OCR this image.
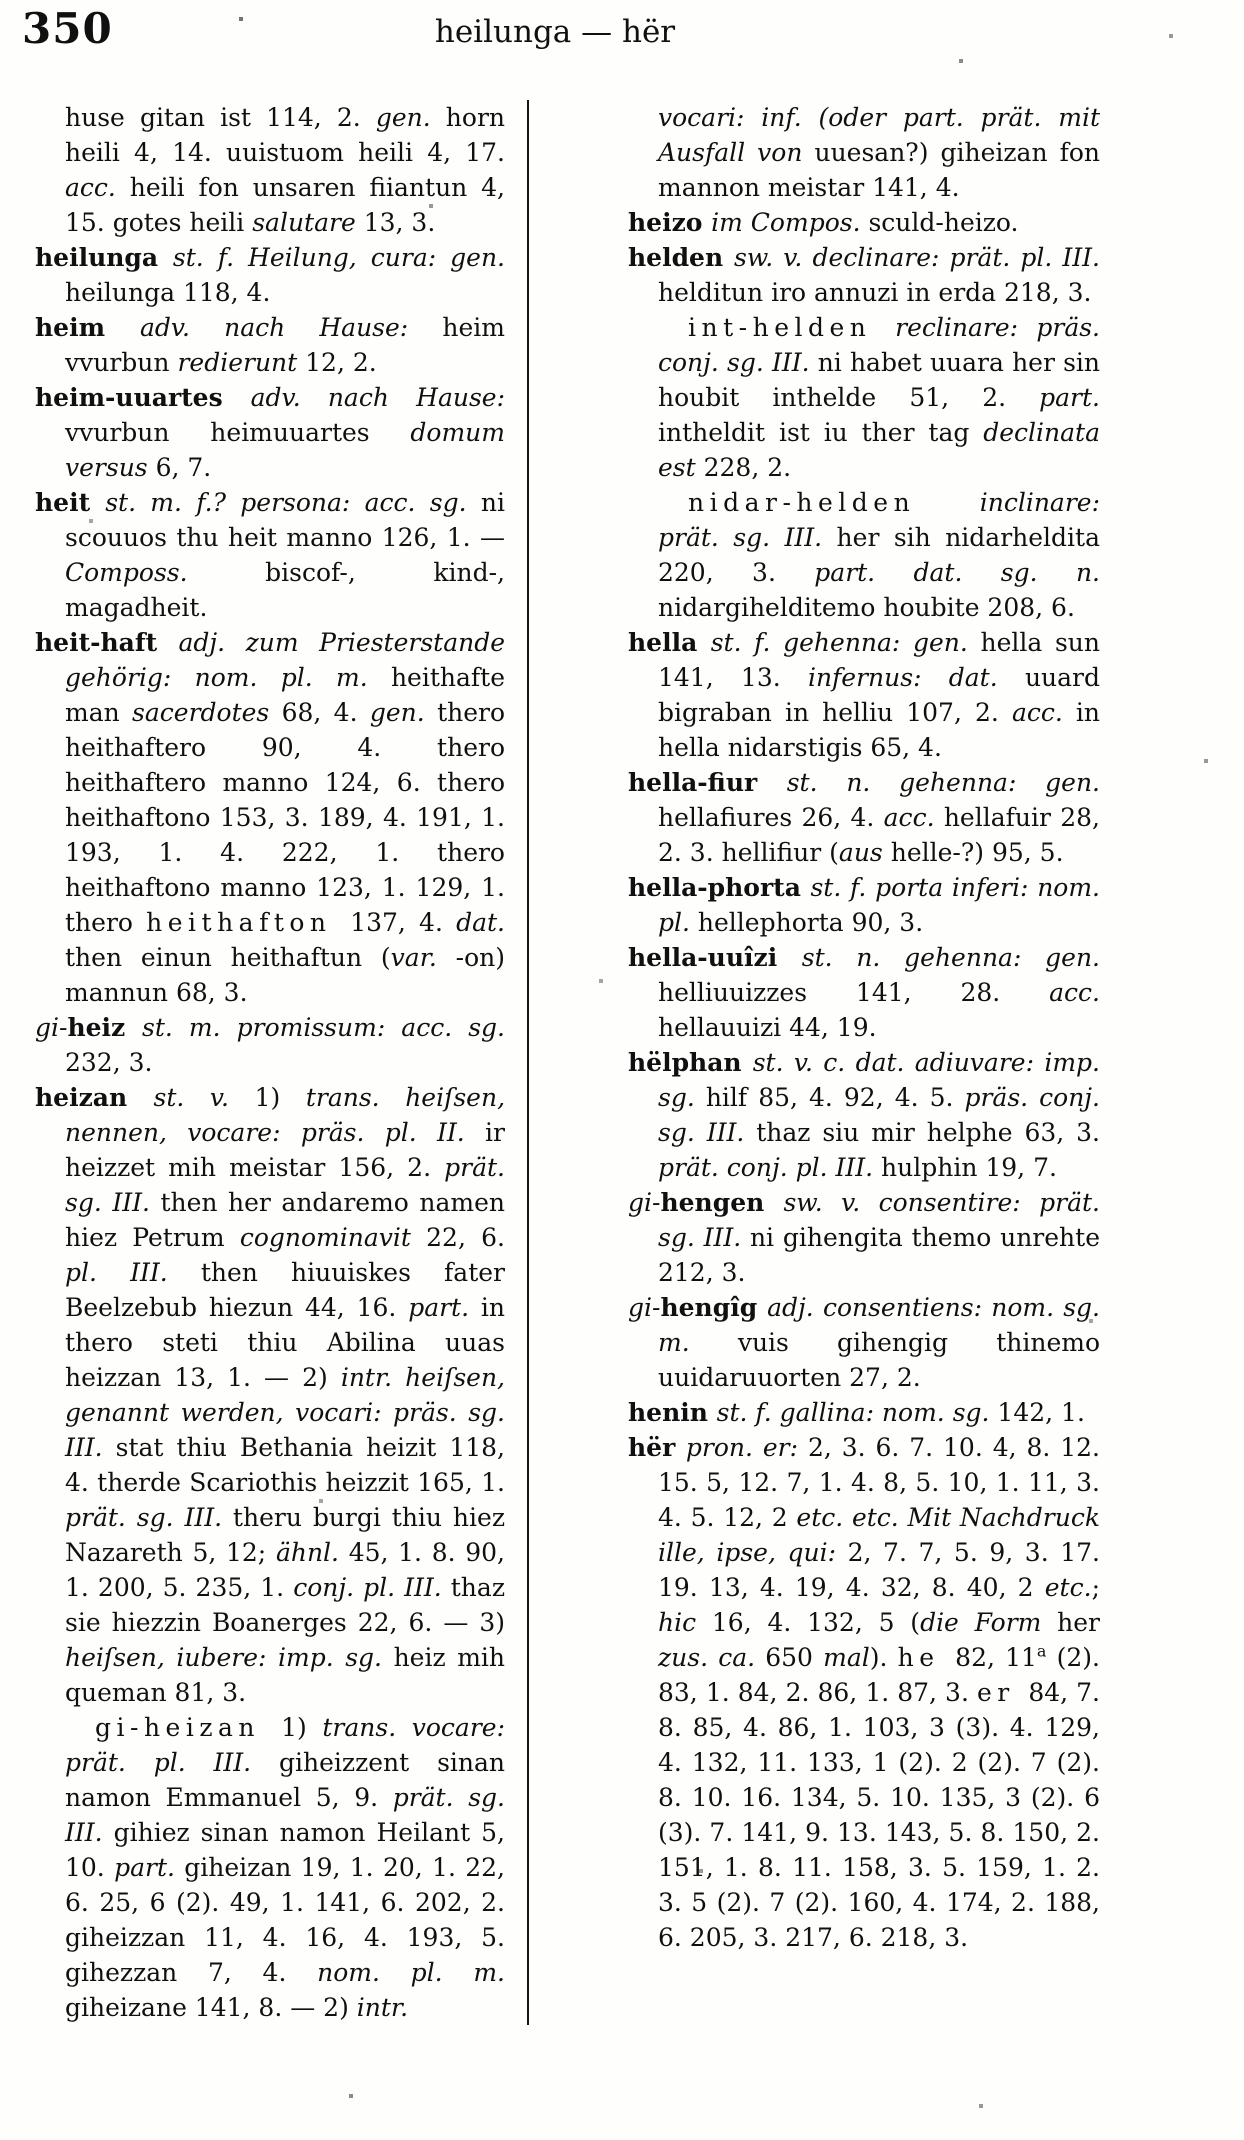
350	heilunga — hër

huse gitan ist 114, 2. gen. horn heili 4, 14. uuistuom heili 4, 17. acc. heili fon unsaren fiiantun 4, 15. gotes heili salutare 13, 3.

heilunga st. f. Heilung, cura: gen. heilunga 118, 4.

heim adv. nach Hause: heim vvurbun redierunt 12, 2.

heim-uuartes adv. nach Hause: vvurbun heimuuartes domum versus 6, 7.

heit st. m. f.? persona: acc. sg. ni scouuos thu heit manno 126, 1. — Composs. biscof-, kind-, magadheit.

heit-haft adj. zum Priesterstande gehörig: nom. pl. m. heithafte man sacerdotes 68, 4. gen. thero heithaftero 90, 4. thero heithaftero manno 124, 6. thero heithaftono 153, 3. 189, 4. 191, 1. 193, 1. 4. 222, 1. thero heithaftono manno 123, 1. 129, 1. thero heithafton 137, 4. dat. then einun heithaftun (var. -on) mannun 68, 3.

gi-heiz st. m. promissum: acc. sg. 232, 3.

heizan st. v. 1) trans. heiſsen, nennen, vocare: präs. pl. II. ir heizzet mih meistar 156, 2. prät. sg. III. then her andaremo namen hiez Petrum cognominavit 22, 6. pl. III. then hiuuiskes fater Beelzebub hiezun 44, 16. part. in thero steti thiu Abilina uuas heizzan 13, 1. — 2) intr. heiſsen, genannt werden, vocari: präs. sg. III. stat thiu Bethania heizit 118, 4. therde Scariothis heizzit 165, 1. prät. sg. III. theru burgi thiu hiez Nazareth 5, 12; ähnl. 45, 1. 8. 90, 1. 200, 5. 235, 1. conj. pl. III. thaz sie hiezzin Boanerges 22, 6. — 3) heiſsen, iubere: imp. sg. heiz mih queman 81, 3.

gi-heizan 1) trans. vocare: prät. pl. III. giheizzent sinan namon Emmanuel 5, 9. prät. sg. III. gihiez sinan namon Heilant 5, 10. part. giheizan 19, 1. 20, 1. 22, 6. 25, 6 (2). 49, 1. 141, 6. 202, 2. giheizzan 11, 4. 16, 4. 193, 5. gihezzan 7, 4. nom. pl. m. giheizane 141, 8. — 2) intr.

vocari: inf. (oder part. prät. mit Ausfall von uuesan?) giheizan fon mannon meistar 141, 4.

heizo im Compos. sculd-heizo.

helden sw. v. declinare: prät. pl. III. helditun iro annuzi in erda 218, 3.

int-helden reclinare: präs. conj. sg. III. ni habet uuara her sin houbit inthelde 51, 2. part. intheldit ist iu ther tag declinata est 228, 2.

nidar-helden inclinare: prät. sg. III. her sih nidarheldita 220, 3. part. dat. sg. n. nidargihelditemo houbite 208, 6.

hella st. f. gehenna: gen. hella sun 141, 13. infernus: dat. uuard bigraban in helliu 107, 2. acc. in hella nidarstigis 65, 4.

hella-fiur st. n. gehenna: gen. hellafiures 26, 4. acc. hellafuir 28, 2. 3. hellifiur (aus helle-?) 95, 5.

hella-phorta st. f. porta inferi: nom. pl. hellephorta 90, 3.

hella-uuîzi st. n. gehenna: gen. helliuuizzes 141, 28. acc. hellauuizi 44, 19.

hëlphan st. v. c. dat. adiuvare: imp. sg. hilf 85, 4. 92, 4. 5. präs. conj. sg. III. thaz siu mir helphe 63, 3. prät. conj. pl. III. hulphin 19, 7.

gi-hengen sw. v. consentire: prät. sg. III. ni gihengita themo unrehte 212, 3.

gi-hengîg adj. consentiens: nom. sg. m. vuis gihengig thinemo uuidaruuorten 27, 2.

henin st. f. gallina: nom. sg. 142, 1.

hër pron. er: 2, 3. 6. 7. 10. 4, 8. 12. 15. 5, 12. 7, 1. 4. 8, 5. 10, 1. 11, 3. 4. 5. 12, 2 etc. etc. Mit Nachdruck ille, ipse, qui: 2, 7. 7, 5. 9, 3. 17. 19. 13, 4. 19, 4. 32, 8. 40, 2 etc.; hic 16, 4. 132, 5 (die Form her zus. ca. 650 mal). he 82, 11$^a$ (2). 83, 1. 84, 2. 86, 1. 87, 3. er 84, 7. 8. 85, 4. 86, 1. 103, 3 (3). 4. 129, 4. 132, 11. 133, 1 (2). 2 (2). 7 (2). 8. 10. 16. 134, 5. 10. 135, 3 (2). 6 (3). 7. 141, 9. 13. 143, 5. 8. 150, 2. 151, 1. 8. 11. 158, 3. 5. 159, 1. 2. 3. 5 (2). 7 (2). 160, 4. 174, 2. 188, 6. 205, 3. 217, 6. 218, 3.
